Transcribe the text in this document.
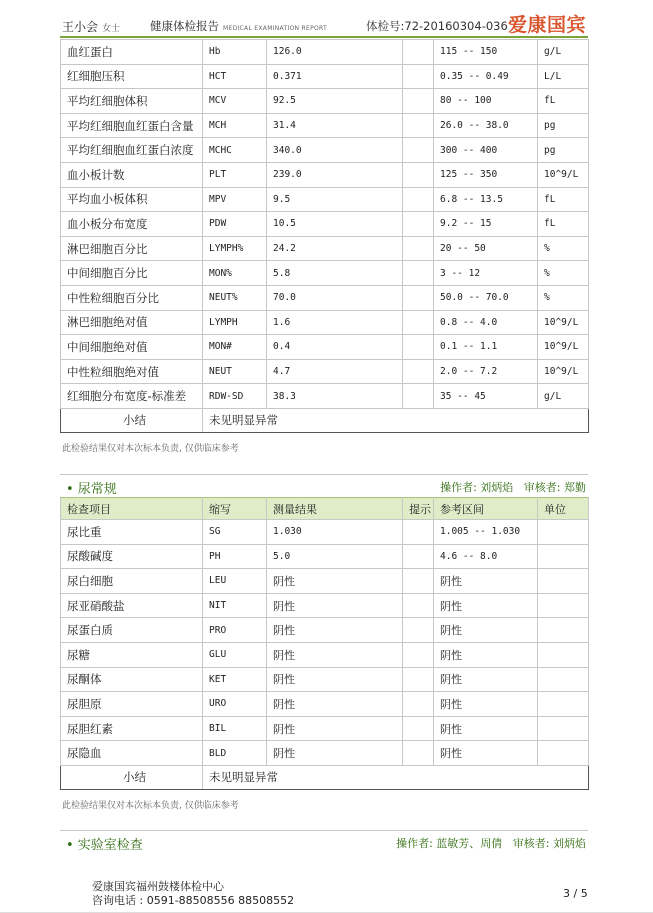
王小会 女士	健康体检报告 MEDICAL EXAMINATION REPORT	体检号:72-20160304-036 爱康国宾
血红蛋白	Hb	126.0		115 -- 150	g/L
红细胞压积	HCT	0.371		0.35 -- 0.49	L/L
平均红细胞体积	MCV	92.5		80 -- 100	fL
平均红细胞血红蛋白含量	MCH	31.4		26.0 -- 38.0	pg
平均红细胞血红蛋白浓度	MCHC	340.0		300 -- 400	pg
血小板计数	PLT	239.0		125 -- 350	10^9/L
平均血小板体积	MPV	9.5		6.8 -- 13.5	fL
血小板分布宽度	PDW	10.5		9.2 -- 15	fL
淋巴细胞百分比	LYMPH%	24.2		20 -- 50	%
中间细胞百分比	MON%	5.8		3 -- 12	%
中性粒细胞百分比	NEUT%	70.0		50.0 -- 70.0	%
淋巴细胞绝对值	LYMPH	1.6		0.8 -- 4.0	10^9/L
中间细胞绝对值	MON#	0.4		0.1 -- 1.1	10^9/L
中性粒细胞绝对值	NEUT	4.7		2.0 -- 7.2	10^9/L
红细胞分布宽度-标准差	RDW-SD	38.3		35 -- 45	g/L
小结	未见明显异常				
此检验结果仅对本次标本负责, 仅供临床参考
• 尿常规	操作者: 刘炳焰 审核者: 郑勤
检查项目	缩写	测量结果	提示	参考区间	单位
尿比重	SG	1.030		1.005 -- 1.030	
尿酸碱度	PH	5.0		4.6 -- 8.0	
尿白细胞	LEU	阴性		阴性	
尿亚硝酸盐	NIT	阴性		阴性	
尿蛋白质	PRO	阴性		阴性	
尿糖	GLU	阴性		阴性	
尿酮体	KET	阴性		阴性	
尿胆原	URO	阴性		阴性	
尿胆红素	BIL	阴性		阴性	
尿隐血	BLD	阴性		阴性	
小结	未见明显异常				
此检验结果仅对本次标本负责, 仅供临床参考
• 实验室检查	操作者: 蓝敏芳、周倩 审核者: 刘炳焰
爱康国宾福州鼓楼体检中心
咨询电话 : 0591-88508556 88508552
3 / 5
